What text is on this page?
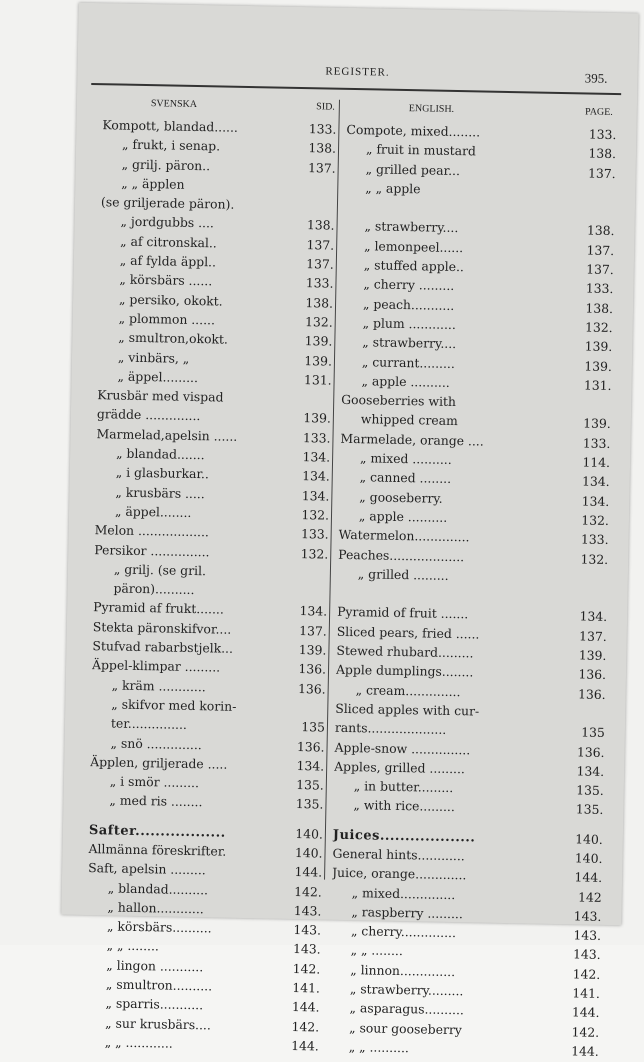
REGISTER.	395.
SVENSKA	SID.	ENGLISH.	PAGE.
Kompott, blandad......	133.
„ frukt, i senap.	138.
„ grilj. päron..	137.
„ „ äpplen
(se griljerade päron).
„ jordgubbs ....	138.
„ af citronskal..	137.
„ af fylda äppl..	137.
„ körsbärs ......	133.
„ persiko, okokt.	138.
„ plommon ......	132.
„ smultron,okokt.	139.
„ vinbärs, „	139.
„ äppel.........	131.
Krusbär med vispad
grädde ..............	139.
Marmelad,apelsin ......	133.
„ blandad.......	134.
„ i glasburkar..	134.
„ krusbärs .....	134.
„ äppel........	132.
Melon ..................	133.
Persikor ...............	132.
„ grilj. (se gril.
päron)..........
Pyramid af frukt.......	134.
Stekta päronskifvor....	137.
Stufvad rabarbstjelk...	139.
Äppel-klimpar .........	136.
„ kräm ............	136.
„ skifvor med korin-
ter...............	135
„ snö ..............	136.
Äpplen, griljerade .....	134.
„ i smör .........	135.
„ med ris ........	135.
Safter..................	140.
Allmänna föreskrifter.	140.
Saft, apelsin .........	144.
„ blandad..........	142.
„ hallon............	143.
„ körsbärs..........	143.
„ „ ........	143.
„ lingon ...........	142.
„ smultron..........	141.
„ sparris...........	144.
„ sur krusbärs....	142.
„ „ ............	144.
Compote, mixed........	133.
„ fruit in mustard	138.
„ grilled pear...	137.
„ „ apple
„ strawberry....	138.
„ lemonpeel......	137.
„ stuffed apple..	137.
„ cherry .........	133.
„ peach...........	138.
„ plum ............	132.
„ strawberry....	139.
„ currant.........	139.
„ apple ..........	131.
Gooseberries with
whipped cream	139.
Marmelade, orange ....	133.
„ mixed ..........	114.
„ canned ........	134.
„ gooseberry.	134.
„ apple ..........	132.
Watermelon..............	133.
Peaches...................	132.
„ grilled .........
Pyramid of fruit .......	134.
Sliced pears, fried ......	137.
Stewed rhubard.........	139.
Apple dumplings........	136.
„ cream..............	136.
Sliced apples with cur-
rants....................	135
Apple-snow ...............	136.
Apples, grilled .........	134.
„ in butter.........	135.
„ with rice.........	135.
Juices...................	140.
General hints............	140.
Juice, orange.............	144.
„ mixed..............	142
„ raspberry .........	143.
„ cherry..............	143.
„ „ ........	143.
„ linnon..............	142.
„ strawberry.........	141.
„ asparagus..........	144.
„ sour gooseberry	142.
„ „ ..........	144.
